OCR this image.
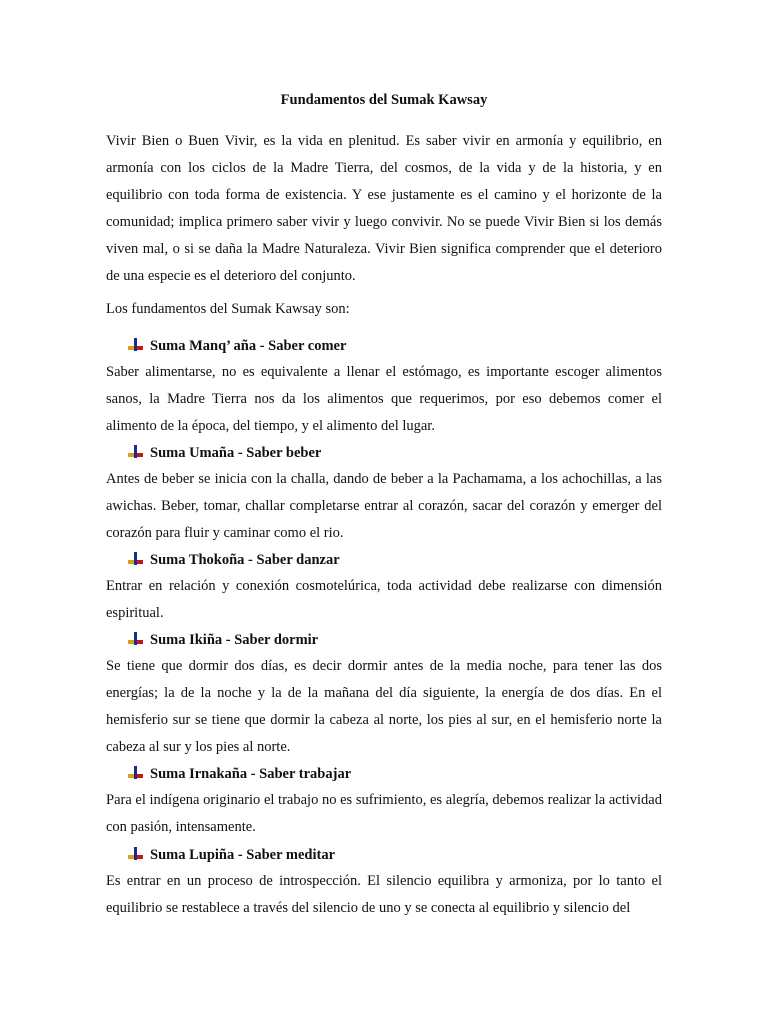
Fundamentos del Sumak Kawsay

Vivir Bien o Buen Vivir, es la vida en plenitud. Es saber vivir en armonía y equilibrio, en armonía con los ciclos de la Madre Tierra, del cosmos, de la vida y de la historia, y en equilibrio con toda forma de existencia. Y ese justamente es el camino y el horizonte de la comunidad; implica primero saber vivir y luego convivir. No se puede Vivir Bien si los demás viven mal, o si se daña la Madre Naturaleza. Vivir Bien significa comprender que el deterioro de una especie es el deterioro del conjunto.

Los fundamentos del Sumak Kawsay son:

Suma Manq’ aña - Saber comer

Saber alimentarse, no es equivalente a llenar el estómago, es importante escoger alimentos sanos, la Madre Tierra nos da los alimentos que requerimos, por eso debemos comer el alimento de la época, del tiempo, y el alimento del lugar.

Suma Umaña - Saber beber

Antes de beber se inicia con la challa, dando de beber a la Pachamama, a los achochillas, a las awichas. Beber, tomar, challar completarse entrar al corazón, sacar del corazón y emerger del corazón para fluir y caminar como el rio.

Suma Thokoña - Saber danzar

Entrar en relación y conexión cosmotelúrica, toda actividad debe realizarse con dimensión espiritual.

Suma Ikiña - Saber dormir

Se tiene que dormir dos días, es decir dormir antes de la media noche, para tener las dos energías; la de la noche y la de la mañana del día siguiente, la energía de dos días. En el hemisferio sur se tiene que dormir la cabeza al norte, los pies al sur, en el hemisferio norte la cabeza al sur y los pies al norte.

Suma Irnakaña - Saber trabajar

Para el indígena originario el trabajo no es sufrimiento, es alegría, debemos realizar la actividad con pasión, intensamente.

Suma Lupiña - Saber meditar

Es entrar en un proceso de introspección. El silencio equilibra y armoniza, por lo tanto el equilibrio se restablece a través del silencio de uno y se conecta al equilibrio y silencio del
